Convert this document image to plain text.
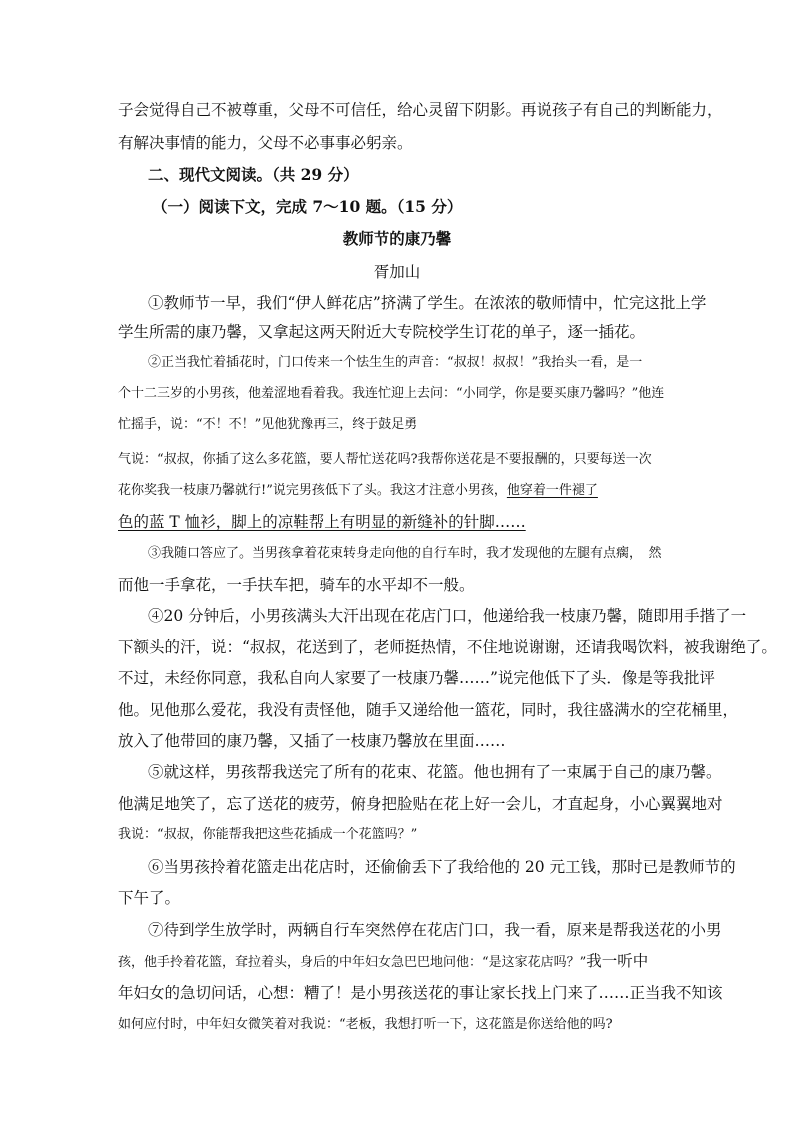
子会觉得自己不被尊重，父母不可信任，给心灵留下阴影。再说孩子有自己的判断能力，
有解决事情的能力，父母不必事事必躬亲。
二、现代文阅读。（共 29 分）
（一）阅读下文，完成 7～10 题。（15 分）
教师节的康乃馨
胥加山
①教师节一早，我们“伊人鲜花店”挤满了学生。在浓浓的敬师情中，忙完这批上学
学生所需的康乃馨，又拿起这两天附近大专院校学生订花的单子，逐一插花。
②正当我忙着插花时，门口传来一个怯生生的声音：“叔叔！叔叔！”我抬头一看，是一
个十二三岁的小男孩，他羞涩地看着我。我连忙迎上去问：“小同学，你是要买康乃馨吗？”他连
忙摇手，说：“不！不！”见他犹豫再三，终于鼓足勇
气说：“叔叔，你插了这么多花篮，要人帮忙送花吗?我帮你送花是不要报酬的，只要每送一次
花你奖我一枝康乃馨就行!”说完男孩低下了头。我这才注意小男孩，他穿着一件褪了
色的蓝 T 恤衫，脚上的凉鞋帮上有明显的新缝补的针脚……
③我随口答应了。当男孩拿着花束转身走向他的自行车时，我才发现他的左腿有点瘸，　然
而他一手拿花，一手扶车把，骑车的水平却不一般。
④20 分钟后，小男孩满头大汗出现在花店门口，他递给我一枝康乃馨，随即用手揩了一
下额头的汗，说：“叔叔，花送到了，老师挺热情，不住地说谢谢，还请我喝饮料，被我谢绝了。
不过，未经你同意，我私自向人家要了一枝康乃馨……”说完他低下了头．像是等我批评
他。见他那么爱花，我没有责怪他，随手又递给他一篮花，同时，我往盛满水的空花桶里，
放入了他带回的康乃馨，又插了一枝康乃馨放在里面……
⑤就这样，男孩帮我送完了所有的花束、花篮。他也拥有了一束属于自己的康乃馨。
他满足地笑了，忘了送花的疲劳，俯身把脸贴在花上好一会儿，才直起身，小心翼翼地对
我说：“叔叔，你能帮我把这些花插成一个花篮吗？”
⑥当男孩拎着花篮走出花店时，还偷偷丢下了我给他的 20 元工钱，那时已是教师节的
下午了。
⑦待到学生放学时，两辆自行车突然停在花店门口，我一看，原来是帮我送花的小男
孩，他手拎着花篮，耷拉着头，身后的中年妇女急巴巴地问他：“是这家花店吗？”我一听中
年妇女的急切问话，心想：糟了！是小男孩送花的事让家长找上门来了……正当我不知该
如何应付时，中年妇女微笑着对我说：“老板，我想打听一下，这花篮是你送给他的吗?
